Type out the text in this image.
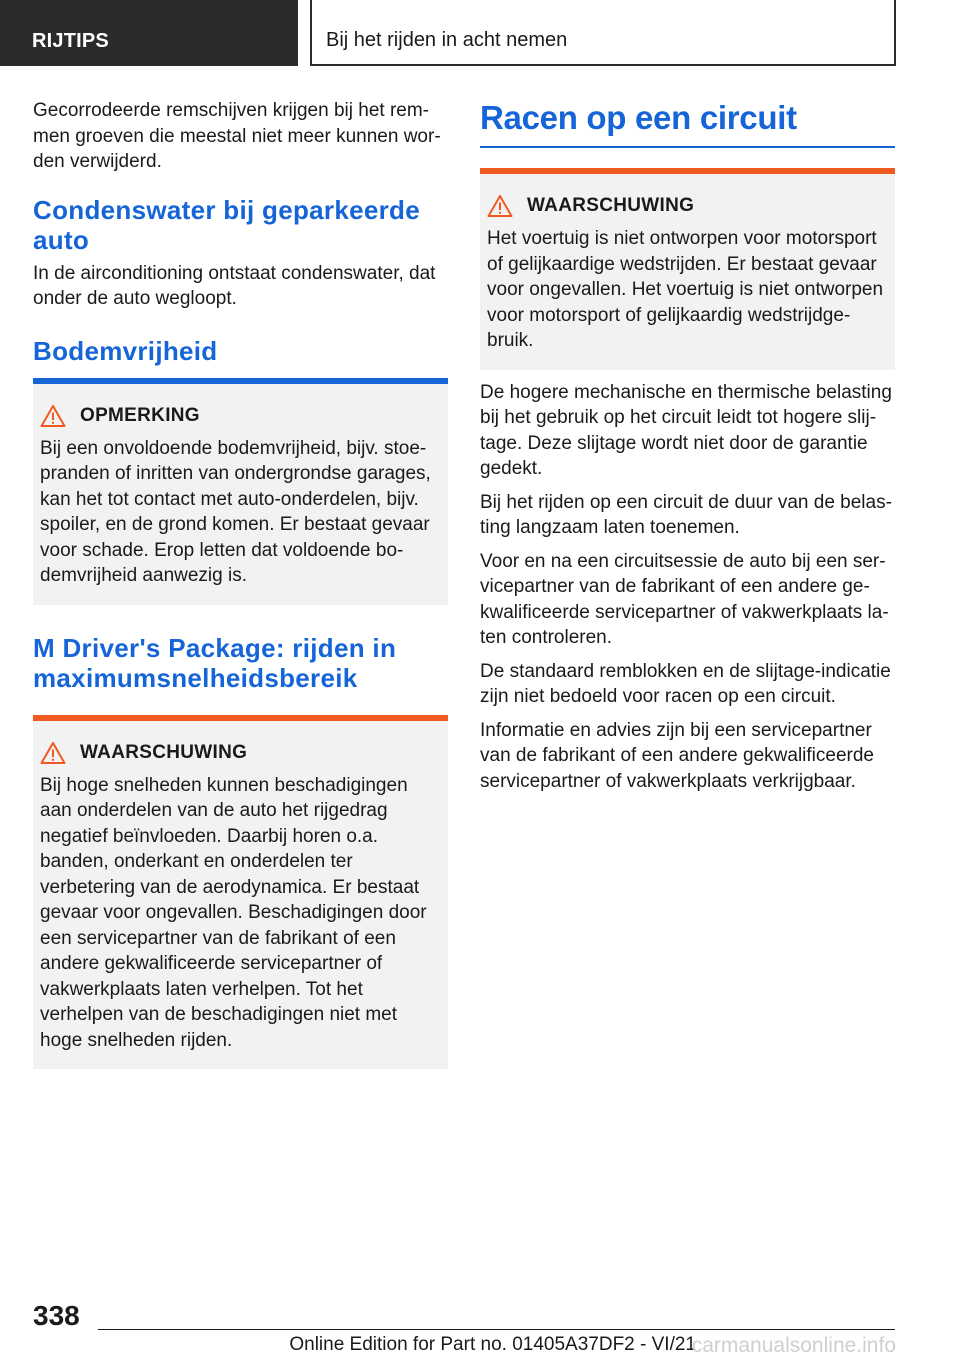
RIJTIPS	Bij het rijden in acht nemen

Gecorrodeerde remschijven krijgen bij het remmen groeven die meestal niet meer kunnen worden verwijderd.

Condenswater bij geparkeerde auto

In de airconditioning ontstaat condenswater, dat onder de auto wegloopt.

Bodemvrijheid
OPMERKING

Bij een onvoldoende bodemvrijheid, bijv. stoepranden of inritten van ondergrondse garages, kan het tot contact met auto-onderdelen, bijv. spoiler, en de grond komen. Er bestaat gevaar voor schade. Erop letten dat voldoende bodemvrijheid aanwezig is.

M Driver's Package: rijden in maximumsnelheidsbereik
WAARSCHUWING

Bij hoge snelheden kunnen beschadigingen aan onderdelen van de auto het rijgedrag negatief beïnvloeden. Daarbij horen o.a. banden, onderkant en onderdelen ter verbetering van de aerodynamica. Er bestaat gevaar voor ongevallen. Beschadigingen door een servicepartner van de fabrikant of een andere gekwalificeerde servicepartner of vakwerkplaats laten verhelpen. Tot het verhelpen van de beschadigingen niet met hoge snelheden rijden.

Racen op een circuit
WAARSCHUWING

Het voertuig is niet ontworpen voor motorsport of gelijkaardige wedstrijden. Er bestaat gevaar voor ongevallen. Het voertuig is niet ontworpen voor motorsport of gelijkaardig wedstrijdgebruik.

De hogere mechanische en thermische belasting bij het gebruik op het circuit leidt tot hogere slijtage. Deze slijtage wordt niet door de garantie gedekt.

Bij het rijden op een circuit de duur van de belasting langzaam laten toenemen.

Voor en na een circuitsessie de auto bij een servicepartner van de fabrikant of een andere gekwalificeerde servicepartner of vakwerkplaats laten controleren.

De standaard remblokken en de slijtage-indicatie zijn niet bedoeld voor racen op een circuit.

Informatie en advies zijn bij een servicepartner van de fabrikant of een andere gekwalificeerde servicepartner of vakwerkplaats verkrijgbaar.

338
Online Edition for Part no. 01405A37DF2 - VI/21
carmanualsonline.info
